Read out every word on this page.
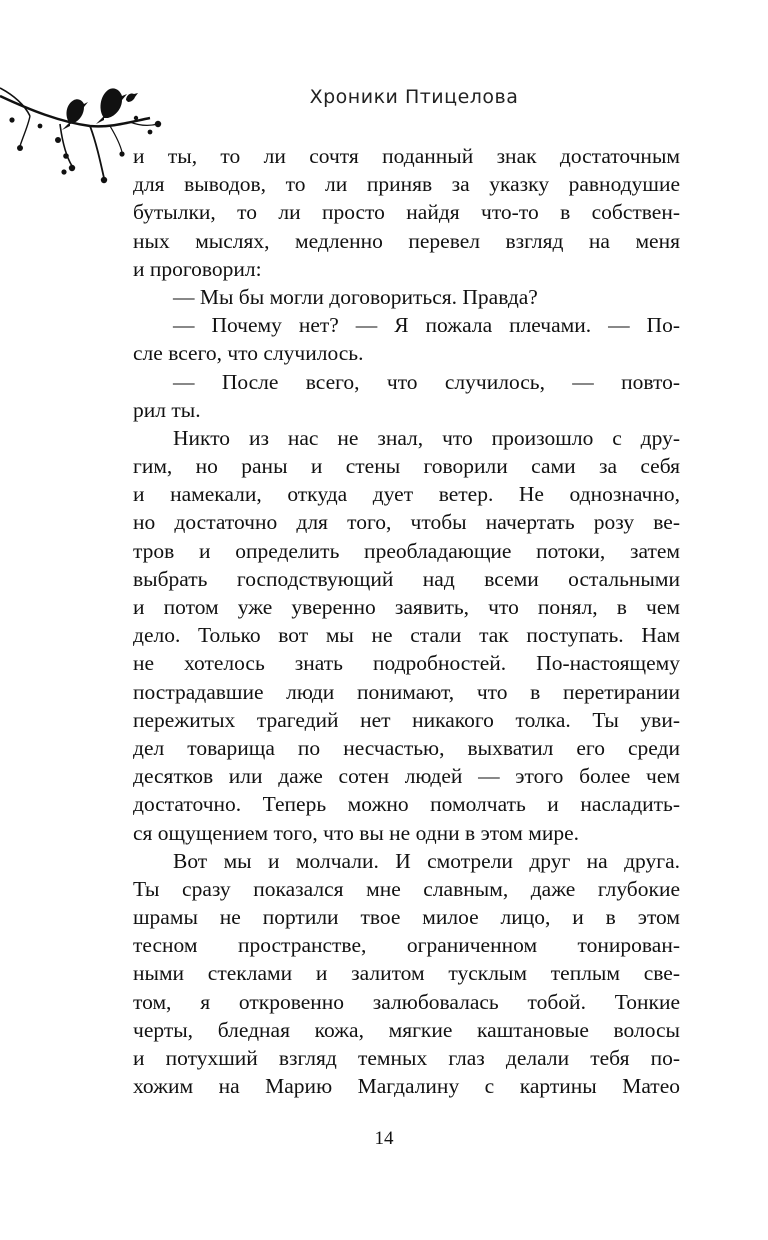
Хроники Птицелова
и ты, то ли сочтя поданный знак достаточным
для выводов, то ли приняв за указку равнодушие
бутылки, то ли просто найдя что-то в собствен-
ных мыслях, медленно перевел взгляд на меня
и проговорил:
— Мы бы могли договориться. Правда?
— Почему нет? — Я пожала плечами. — По-
сле всего, что случилось.
— После всего, что случилось, — повто-
рил ты.
Никто из нас не знал, что произошло с дру-
гим, но раны и стены говорили сами за себя
и намекали, откуда дует ветер. Не однозначно,
но достаточно для того, чтобы начертать розу ве-
тров и определить преобладающие потоки, затем
выбрать господствующий над всеми остальными
и потом уже уверенно заявить, что понял, в чем
дело. Только вот мы не стали так поступать. Нам
не хотелось знать подробностей. По-настоящему
пострадавшие люди понимают, что в перетирании
пережитых трагедий нет никакого толка. Ты уви-
дел товарища по несчастью, выхватил его среди
десятков или даже сотен людей — этого более чем
достаточно. Теперь можно помолчать и насладить-
ся ощущением того, что вы не одни в этом мире.
Вот мы и молчали. И смотрели друг на друга.
Ты сразу показался мне славным, даже глубокие
шрамы не портили твое милое лицо, и в этом
тесном пространстве, ограниченном тонирован-
ными стеклами и залитом тусклым теплым све-
том, я откровенно залюбовалась тобой. Тонкие
черты, бледная кожа, мягкие каштановые волосы
и потухший взгляд темных глаз делали тебя по-
хожим на Марию Магдалину с картины Матео
14
